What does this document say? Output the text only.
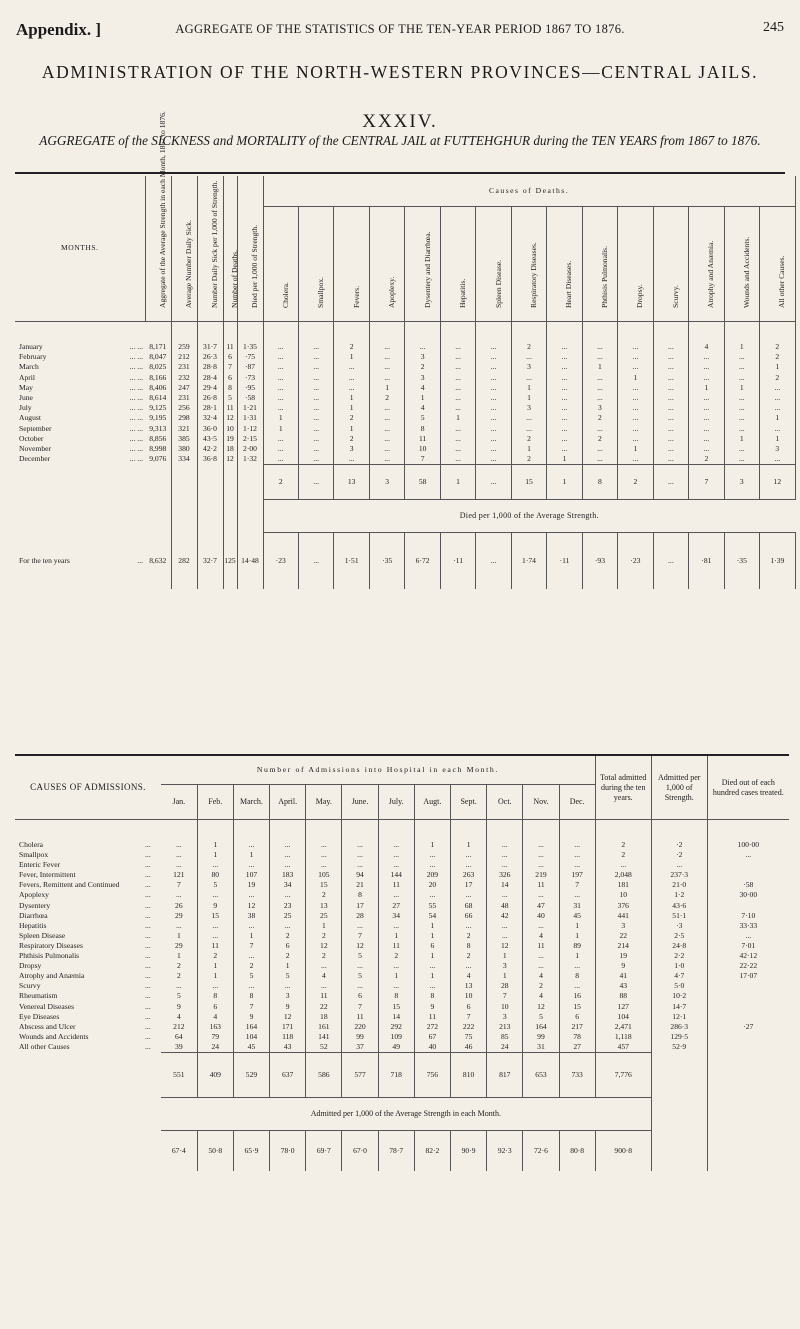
Appendix. ]	AGGREGATE OF THE STATISTICS OF THE TEN-YEAR PERIOD 1867 TO 1876.	245
ADMINISTRATION OF THE NORTH-WESTERN PROVINCES—CENTRAL JAILS.
XXXIV.

AGGREGATE of the SICKNESS and MORTALITY of the CENTRAL JAIL at FUTTEHGHUR during the TEN YEARS from 1867 to 1876.

MONTHS.		Aggregate of the Average Strength in each Month, 1867 to 1876.	Average Number Daily Sick.	Number Daily Sick per 1,000 of Strength.	Number of Deaths.	Died per 1,000 of Strength.	Causes of Deaths.														

							Cholera.	Smallpox.	Fevers.	Apoplexy.	Dysentery and Diarrhœa.	Hepatitis.	Spleen Disease.	Respiratory Diseases.	Heart Diseases.	Phthisis Pulmonalis.	Dropsy.	Scurvy.	Atrophy and Anæmia.	Wounds and Accidents.	All other Causes.

January	... ...	8,171	259	31·7	11	1·35	...	...	2	...	...	...	...	2	...	...	...	...	4	1	2
February	... ...	8,047	212	26·3	6	·75	...	...	1	...	3	...	...	...	...	...	...	...	...	...	2
March	... ...	8,025	231	28·8	7	·87	...	...	...	...	2	...	...	3	...	1	...	...	...	...	1
April	... ...	8,166	232	28·4	6	·73	...	...	...	...	3	...	...	...	...	...	1	...	...	...	2
May	... ...	8,406	247	29·4	8	·95	...	...	...	1	4	...	...	1	...	...	...	...	1	1	...
June	... ...	8,614	231	26·8	5	·58	...	...	1	2	1	...	...	1	...	...	...	...	...	...	...
July	... ...	9,125	256	28·1	11	1·21	...	...	1	...	4	...	...	3	...	3	...	...	...	...	...
August	... ...	9,195	298	32·4	12	1·31	1	...	2	...	5	1	...	...	...	2	...	...	...	...	1
September	... ...	9,313	321	36·0	10	1·12	1	...	1	...	8	...	...	...	...	...	...	...	...	...	...
October	... ...	8,856	385	43·5	19	2·15	...	...	2	...	11	...	...	2	...	2	...	...	...	1	1
November	... ...	8,998	380	42·2	18	2·00	...	...	3	...	10	...	...	1	...	...	1	...	...	...	3
December	... ...	9,076	334	36·8	12	1·32	...	...	...	...	7	...	...	2	1	...	...	...	2	...	...
							2	...	13	3	58	1	...	15	1	8	2	...	7	3	12
							Died per 1,000 of the Average Strength.														
For the ten years	...	8,632	282	32·7	125	14·48	·23	...	1·51	·35	6·72	·11	...	1·74	·11	·93	·23	...	·81	·35	1·39
CAUSES OF ADMISSIONS.		Number of Admissions into Hospital in each Month.												Total admitted during the ten years.	Admitted per 1,000 of Strength.	Died out of each hundred cases treated.
		Jan.	Feb.	March.	April.	May.	June.	July.	Augt.	Sept.	Oct.	Nov.	Dec.			
Cholera	...	...	1	...	...	...	...	...	1	1	...	...	...	2	·2	100·00
Smallpox	...	...	1	1	...	...	...	...	...	...	...	...	...	2	·2	...
Enteric Fever	...	...	...	...	...	...	...	...	...	...	...	...	...	...	...	
Fever, Intermittent	...	121	80	107	183	105	94	144	209	263	326	219	197	2,048	237·3	
Fevers, Remittent and Continued	...	7	5	19	34	15	21	11	20	17	14	11	7	181	21·0	·58
Apoplexy	...	...	...	...	...	2	8	...	...	...	...	...	...	10	1·2	30·00
Dysentery	...	26	9	12	23	13	17	27	55	68	48	47	31	376	43·6	
Diarrhœa	...	29	15	38	25	25	28	34	54	66	42	40	45	441	51·1	7·10
Hepatitis	...	...	...	...	...	1	...	...	1	...	...	...	1	3	·3	33·33
Spleen Disease	...	1	...	1	2	2	7	1	1	2	...	4	1	22	2·5	...
Respiratory Diseases	...	29	11	7	6	12	12	11	6	8	12	11	89	214	24·8	7·01
Phthisis Pulmonalis	...	1	2	...	2	2	5	2	1	2	1	...	1	19	2·2	42·12
Dropsy	...	2	1	2	1	...	...	...	...	...	3	...	...	9	1·0	22·22
Atrophy and Anæmia	...	2	1	5	5	4	5	1	1	4	1	4	8	41	4·7	17·07
Scurvy	...	...	...	...	...	...	...	...	...	13	28	2	...	43	5·0	
Rheumatism	...	5	8	8	3	11	6	8	8	10	7	4	16	88	10·2	
Venereal Diseases	...	9	6	7	9	22	7	15	9	6	10	12	15	127	14·7	
Eye Diseases	...	4	4	9	12	18	11	14	11	7	3	5	6	104	12·1	
Abscess and Ulcer	...	212	163	164	171	161	220	292	272	222	213	164	217	2,471	286·3	·27
Wounds and Accidents	...	64	79	104	118	141	99	109	67	75	85	99	78	1,118	129·5	
All other Causes	...	39	24	45	43	52	37	49	40	46	24	31	27	457	52·9	
		551	409	529	637	586	577	718	756	810	817	653	733	7,776		
		Admitted per 1,000 of the Average Strength in each Month.														
		67·4	50·8	65·9	78·0	69·7	67·0	78·7	82·2	90·9	92·3	72·6	80·8	900·8		
